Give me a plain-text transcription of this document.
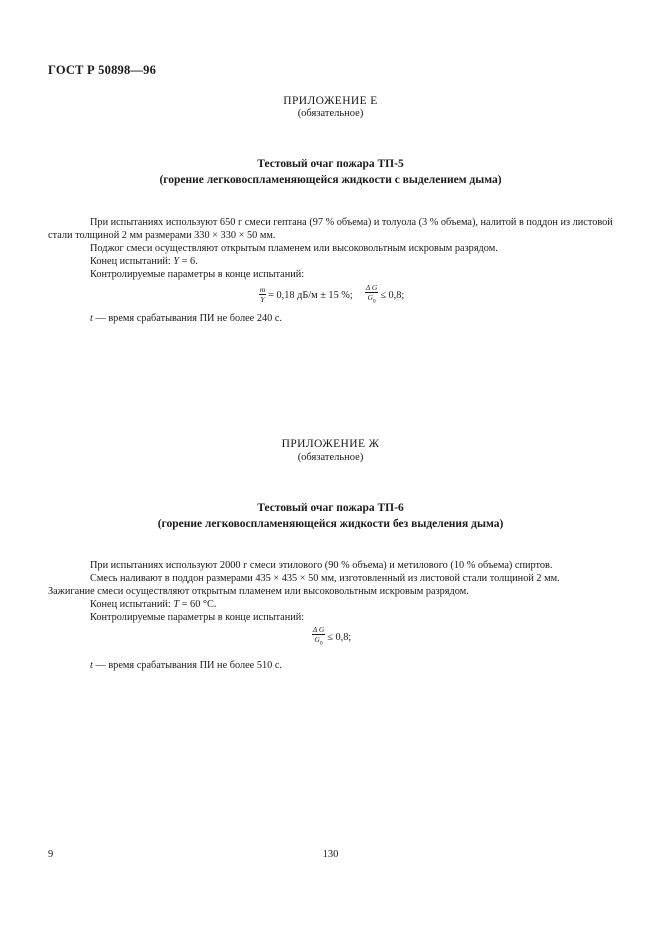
ГОСТ Р 50898—96
ПРИЛОЖЕНИЕ Е
(обязательное)
Тестовый очаг пожара ТП-5
(горение легковоспламеняющейся жидкости с выделением дыма)
При испытаниях используют 650 г смеси гептана (97 % объема) и толуола (3 % объема), налитой в поддон из листовой стали толщиной 2 мм размерами 330 × 330 × 50 мм.
Поджог смеси осуществляют открытым пламенем или высоковольтным искровым разрядом.
Конец испытаний: Y = 6.
Контролируемые параметры в конце испытаний:
$\frac{m}{Y} = 0,18$ дБ/м ± 15 %; $\frac{\text{Δ G}}{G_0} \le 0,8$;
t — время срабатывания ПИ не более 240 с.
ПРИЛОЖЕНИЕ Ж
(обязательное)
Тестовый очаг пожара ТП-6
(горение легковоспламеняющейся жидкости без выделения дыма)
При испытаниях используют 2000 г смеси этилового (90 % объема) и метилового (10 % объема) спиртов.
Смесь наливают в поддон размерами 435 × 435 × 50 мм, изготовленный из листовой стали толщиной 2 мм.
Зажигание смеси осуществляют открытым пламенем или высоковольтным искровым разрядом.
Конец испытаний: T = 60 °C.
Контролируемые параметры в конце испытаний:
$\frac{\text{Δ G}}{G_0} \le 0,8$;
t — время срабатывания ПИ не более 510 с.
9	130
